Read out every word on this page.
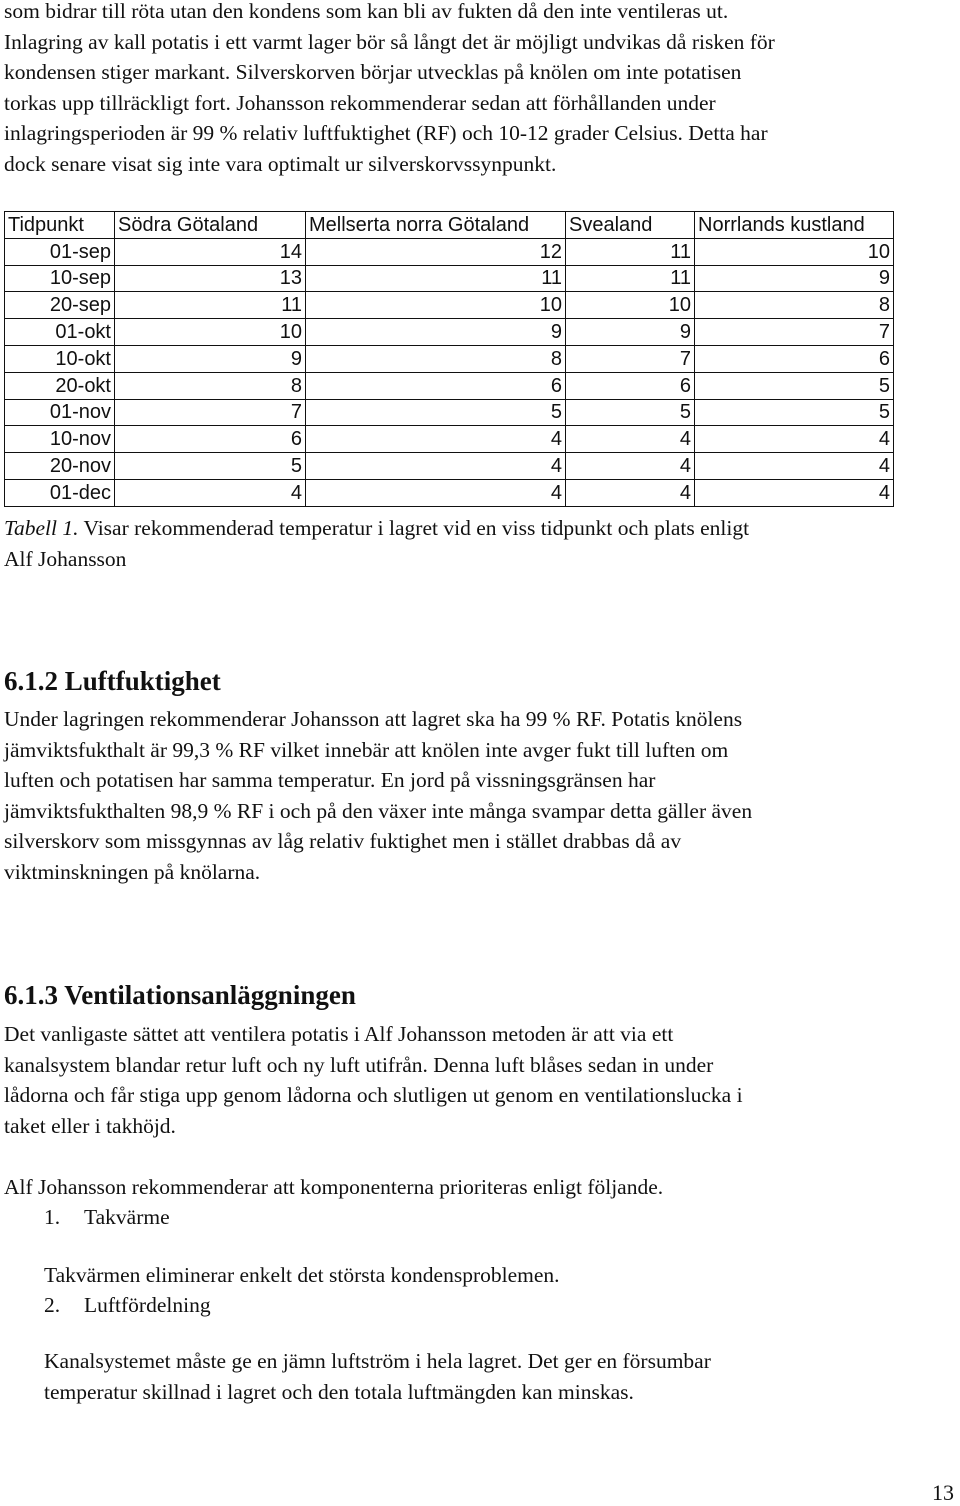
som bidrar till röta utan den kondens som kan bli av fukten då den inte ventileras ut.
Inlagring av kall potatis i ett varmt lager bör så långt det är möjligt undvikas då risken för
kondensen stiger markant. Silverskorven börjar utvecklas på knölen om inte potatisen
torkas upp tillräckligt fort. Johansson rekommenderar sedan att förhållanden under
inlagringsperioden är 99 % relativ luftfuktighet (RF) och 10-12 grader Celsius. Detta har
dock senare visat sig inte vara optimalt ur silverskorvssynpunkt.

Tidpunkt	Södra Götaland	Mellserta norra Götaland	Svealand	Norrlands kustland
01-sep	14	12	11	10
10-sep	13	11	11	9
20-sep	11	10	10	8
01-okt	10	9	9	7
10-okt	9	8	7	6
20-okt	8	6	6	5
01-nov	7	5	5	5
10-nov	6	4	4	4
20-nov	5	4	4	4
01-dec	4	4	4	4

Tabell 1. Visar rekommenderad temperatur i lagret vid en viss tidpunkt och plats enligt
Alf Johansson

6.1.2 Luftfuktighet

Under lagringen rekommenderar Johansson att lagret ska ha 99 % RF. Potatis knölens
jämviktsfukthalt är 99,3 % RF vilket innebär att knölen inte avger fukt till luften om
luften och potatisen har samma temperatur. En jord på vissningsgränsen har
jämviktsfukthalten 98,9 % RF i och på den växer inte många svampar detta gäller även
silverskorv som missgynnas av låg relativ fuktighet men i stället drabbas då av
viktminskningen på knölarna.

6.1.3 Ventilationsanläggningen

Det vanligaste sättet att ventilera potatis i Alf Johansson metoden är att via ett
kanalsystem blandar retur luft och ny luft utifrån. Denna luft blåses sedan in under
lådorna och får stiga upp genom lådorna och slutligen ut genom en ventilationslucka i
taket eller i takhöjd.

Alf Johansson rekommenderar att komponenterna prioriteras enligt följande.

1. Takvärme

Takvärmen eliminerar enkelt det största kondensproblemen.

2. Luftfördelning

Kanalsystemet måste ge en jämn luftström i hela lagret. Det ger en försumbar
temperatur skillnad i lagret och den totala luftmängden kan minskas.

13
